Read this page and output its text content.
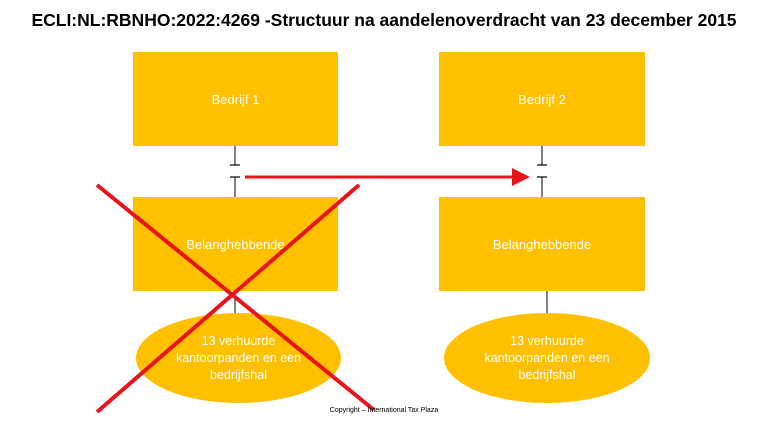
ECLI:NL:RBNHO:2022:4269 -Structuur na aandelenoverdracht van 23 december 2015
Bedrijf 1
Belanghebbende
13 verhuurde kantoorpanden en een bedrijfshal
Bedrijf 2
Belanghebbende
13 verhuurde kantoorpanden en een bedrijfshal
Copyright – International Tax Plaza
